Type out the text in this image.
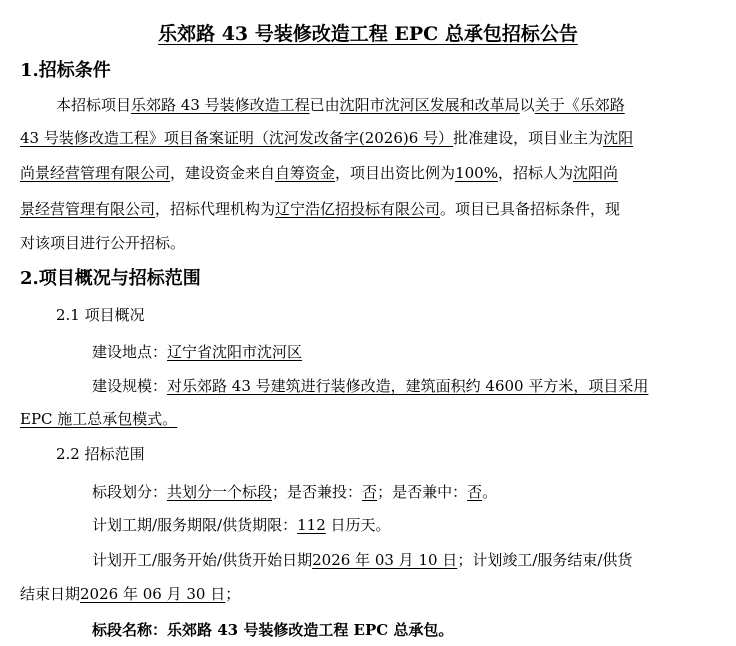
乐郊路 43 号装修改造工程 EPC 总承包招标公告
1.招标条件
本招标项目乐郊路 43 号装修改造工程已由沈阳市沈河区发展和改革局以关于《乐郊路
43 号装修改造工程》项目备案证明（沈河发改备字(2026)6 号）批准建设，项目业主为沈阳
尚景经营管理有限公司，建设资金来自自筹资金，项目出资比例为100%，招标人为沈阳尚
景经营管理有限公司，招标代理机构为辽宁浩亿招投标有限公司。项目已具备招标条件，现
对该项目进行公开招标。
2.项目概况与招标范围
2.1 项目概况
建设地点：辽宁省沈阳市沈河区
建设规模：对乐郊路 43 号建筑进行装修改造，建筑面积约 4600 平方米，项目采用
EPC 施工总承包模式。
2.2 招标范围
标段划分：共划分一个标段；是否兼投：否；是否兼中：否。
计划工期/服务期限/供货期限：112 日历天。
计划开工/服务开始/供货开始日期2026 年 03 月 10 日；计划竣工/服务结束/供货
结束日期2026 年 06 月 30 日；
标段名称：乐郊路 43 号装修改造工程 EPC 总承包。
